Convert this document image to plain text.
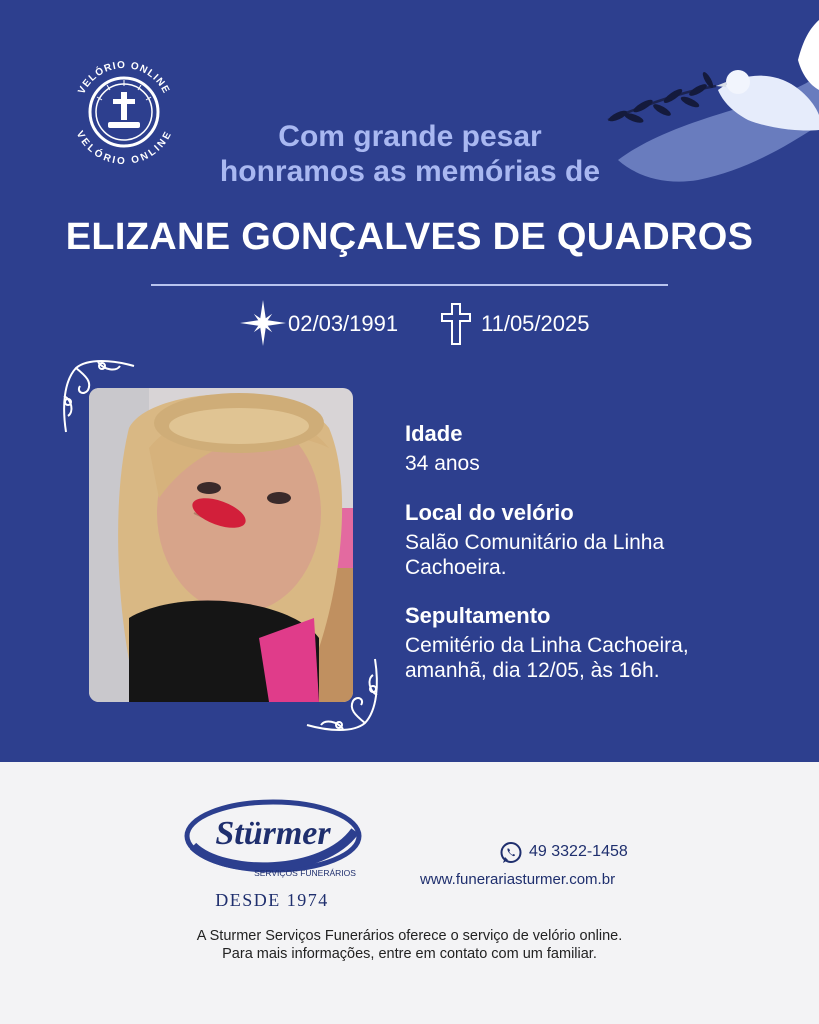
VELÓRIO ONLINE
VELÓRIO ONLINE	Com grande pesar
honramos as memórias de
ELIZANE GONÇALVES DE QUADROS
02/03/1991	11/05/2025
Idade
34 anos
Local do velório
Salão Comunitário da Linha Cachoeira.
Sepultamento
Cemitério da Linha Cachoeira, amanhã, dia 12/05, às 16h.
Stürmer
SERVIÇOS FUNERÁRIOS
DESDE 1974
49 3322-1458
www.funerariasturmer.com.br
A Sturmer Serviços Funerários oferece o serviço de velório online.
Para mais informações, entre em contato com um familiar.
